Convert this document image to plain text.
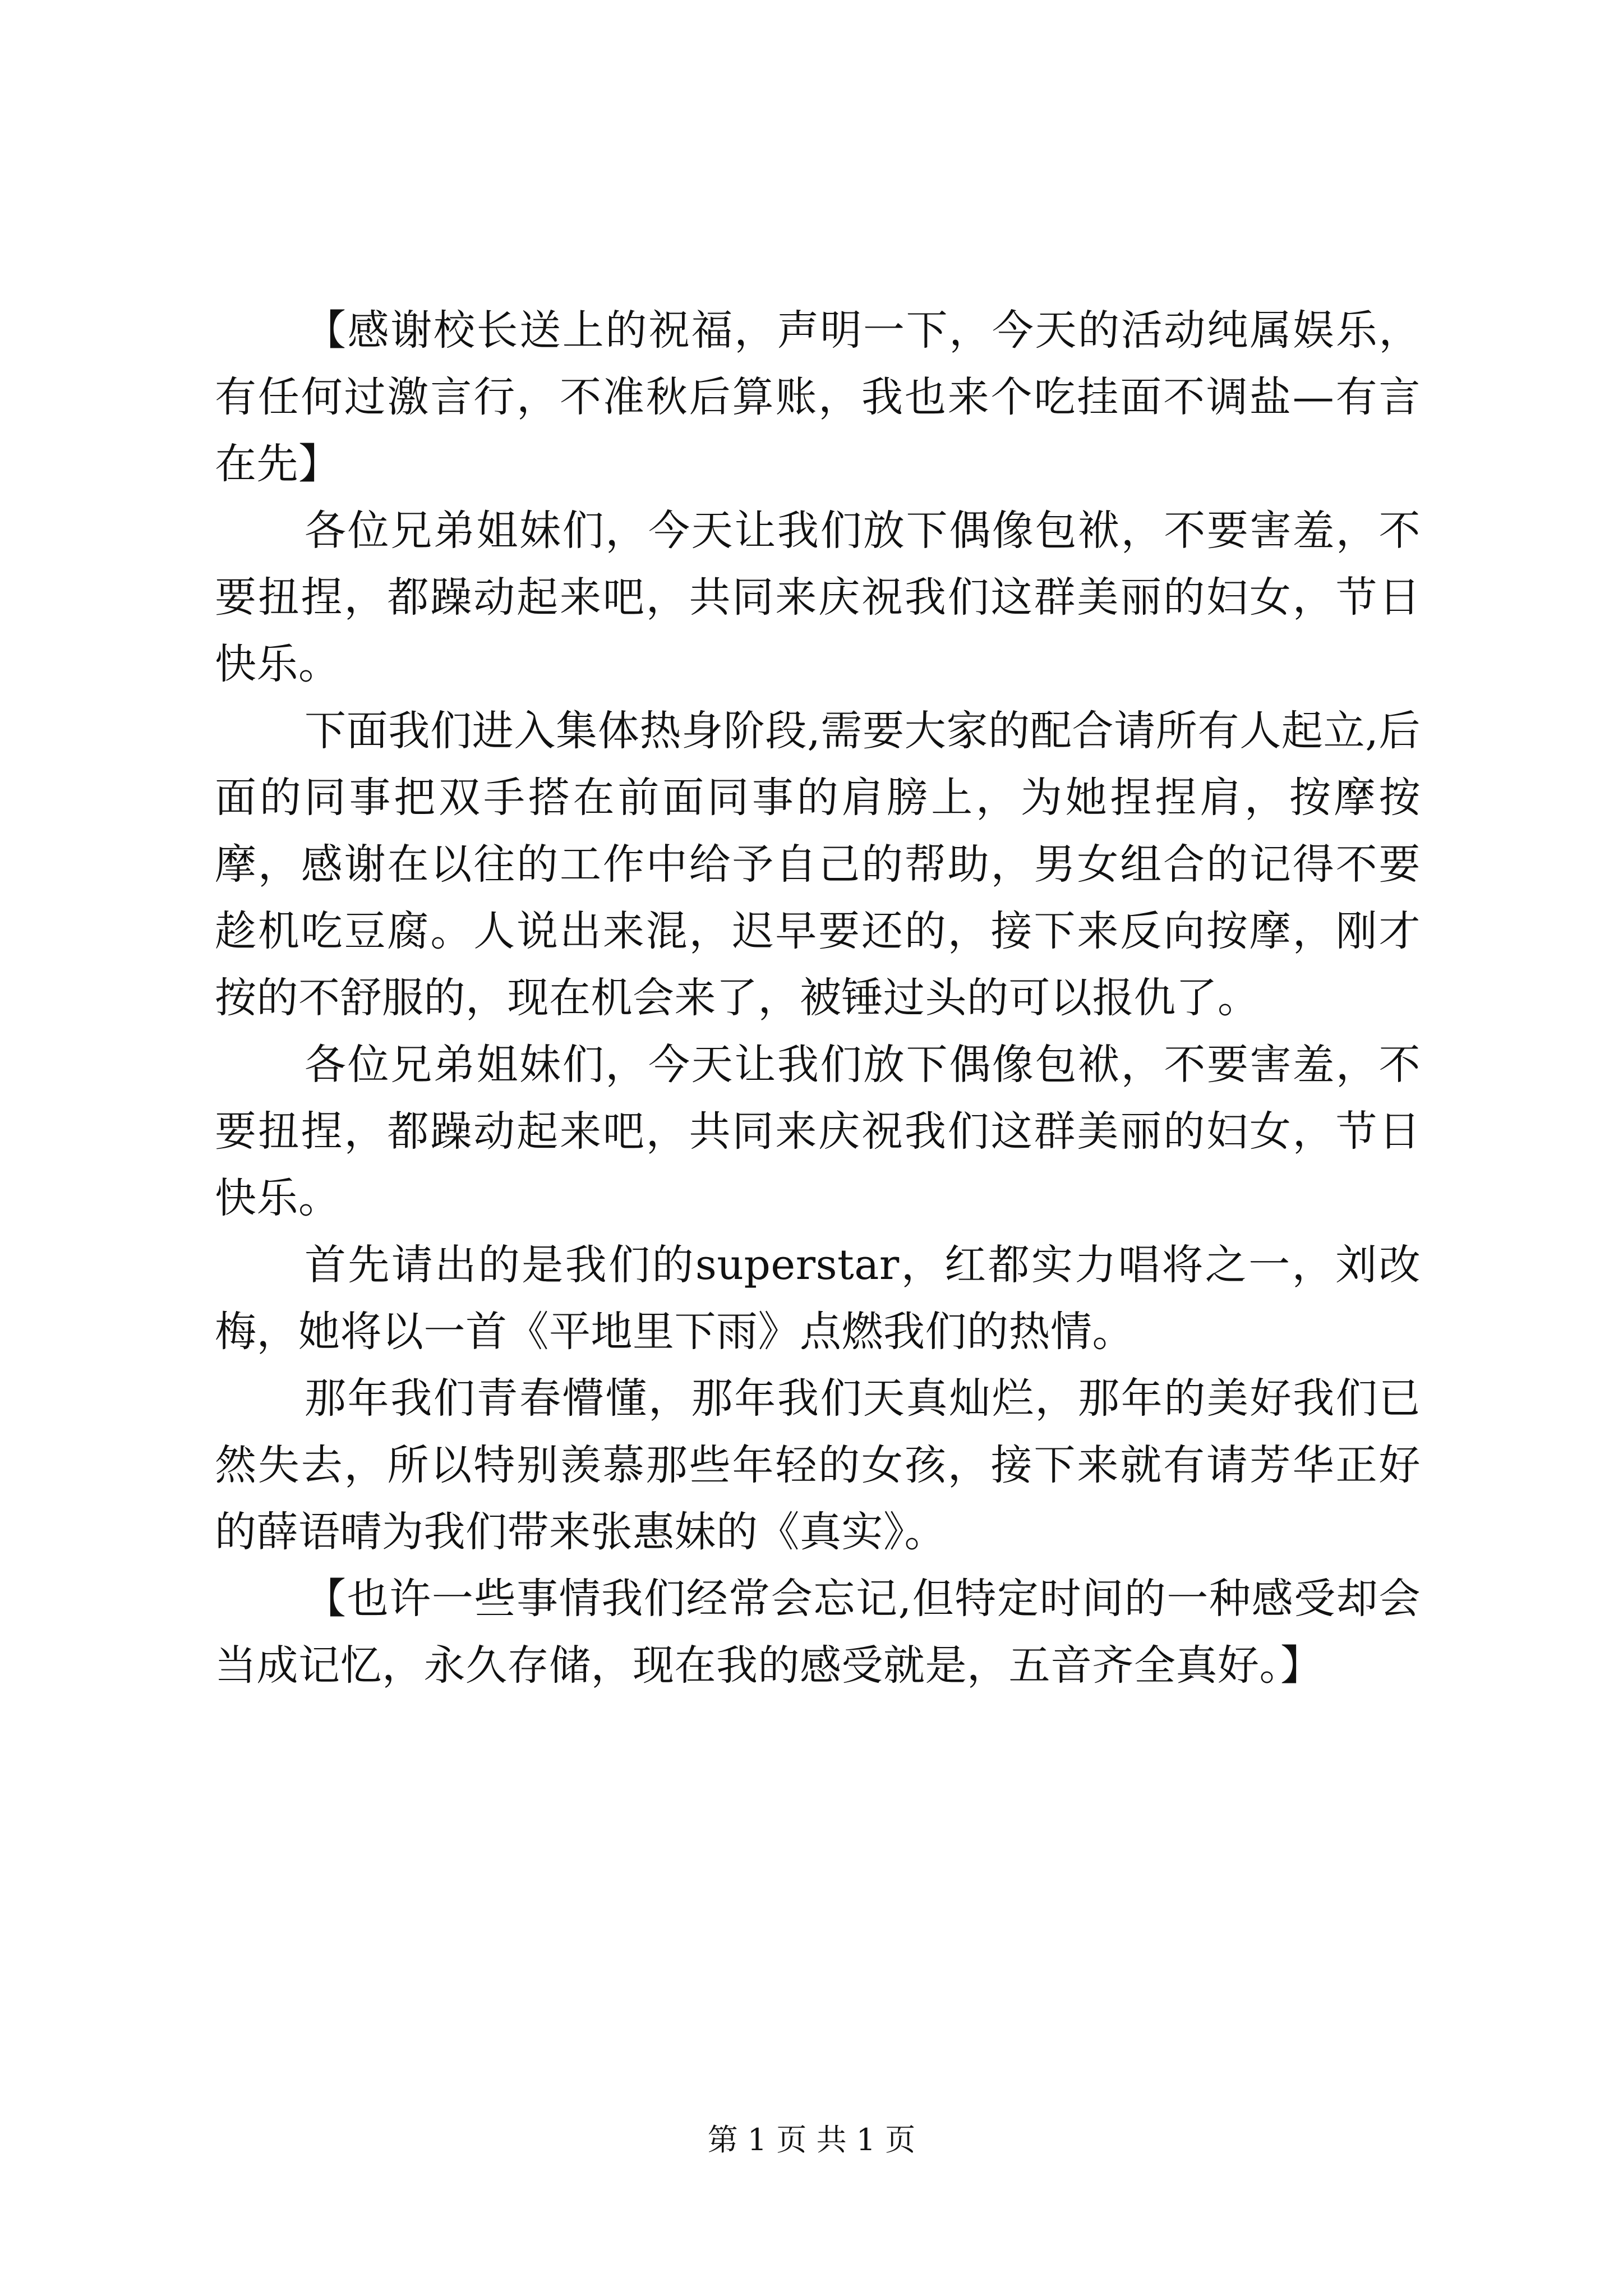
【感谢校长送上的祝福，声明一下，今天的活动纯属娱乐，有任何过激言行，不准秋后算账，我也来个吃挂面不调盐—有言在先】

各位兄弟姐妹们，今天让我们放下偶像包袱，不要害羞，不要扭捏，都躁动起来吧，共同来庆祝我们这群美丽的妇女，节日快乐。

下面我们进入集体热身阶段,需要大家的配合请所有人起立,后面的同事把双手搭在前面同事的肩膀上，为她捏捏肩，按摩按摩，感谢在以往的工作中给予自己的帮助，男女组合的记得不要趁机吃豆腐。人说出来混，迟早要还的，接下来反向按摩，刚才按的不舒服的，现在机会来了，被锤过头的可以报仇了。

各位兄弟姐妹们，今天让我们放下偶像包袱，不要害羞，不要扭捏，都躁动起来吧，共同来庆祝我们这群美丽的妇女，节日快乐。

首先请出的是我们的superstar，红都实力唱将之一，刘改梅，她将以一首《平地里下雨》点燃我们的热情。

那年我们青春懵懂，那年我们天真灿烂，那年的美好我们已然失去，所以特别羡慕那些年轻的女孩，接下来就有请芳华正好的薛语晴为我们带来张惠妹的《真实》。

【也许一些事情我们经常会忘记,但特定时间的一种感受却会当成记忆，永久存储，现在我的感受就是，五音齐全真好。】

第 1 页 共 1 页
